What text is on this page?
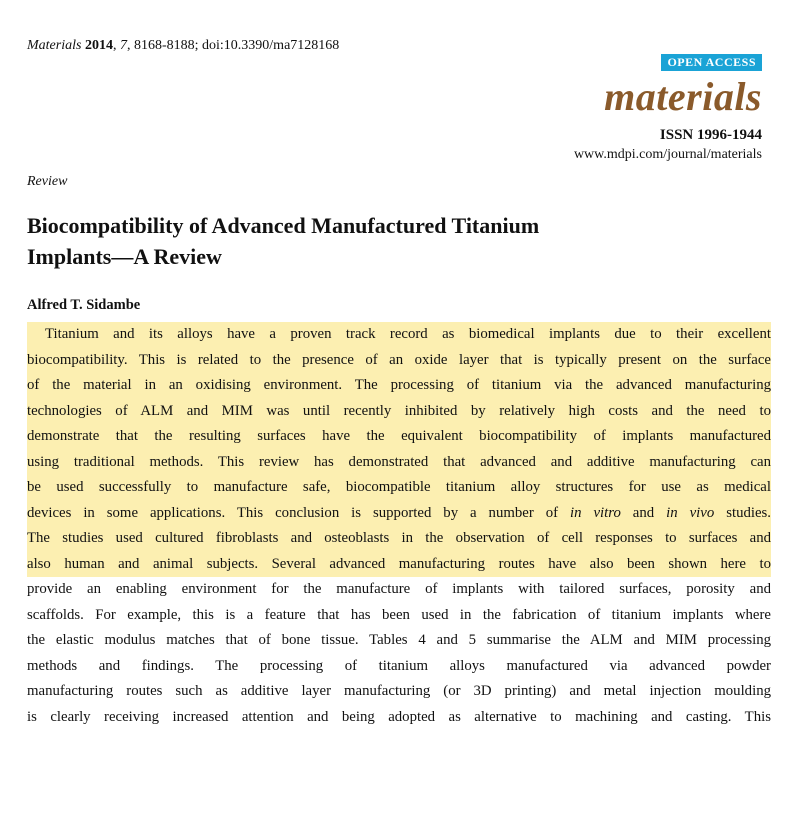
Materials 2014, 7, 8168-8188; doi:10.3390/ma7128168
OPEN ACCESS
materials
ISSN 1996-1944
www.mdpi.com/journal/materials
Review
Biocompatibility of Advanced Manufactured Titanium
Implants—A Review
Alfred T. Sidambe
Titanium and its alloys have a proven track record as biomedical implants due to their excellent
biocompatibility. This is related to the presence of an oxide layer that is typically present on the surface
of the material in an oxidising environment. The processing of titanium via the advanced manufacturing
technologies of ALM and MIM was until recently inhibited by relatively high costs and the need to
demonstrate that the resulting surfaces have the equivalent biocompatibility of implants manufactured
using traditional methods. This review has demonstrated that advanced and additive manufacturing can
be used successfully to manufacture safe, biocompatible titanium alloy structures for use as medical
devices in some applications. This conclusion is supported by a number of in vitro and in vivo studies.
The studies used cultured fibroblasts and osteoblasts in the observation of cell responses to surfaces and
also human and animal subjects. Several advanced manufacturing routes have also been shown here to
provide an enabling environment for the manufacture of implants with tailored surfaces, porosity and
scaffolds. For example, this is a feature that has been used in the fabrication of titanium implants where
the elastic modulus matches that of bone tissue. Tables 4 and 5 summarise the ALM and MIM processing
methods and findings. The processing of titanium alloys manufactured via advanced powder
manufacturing routes such as additive layer manufacturing (or 3D printing) and metal injection moulding
is clearly receiving increased attention and being adopted as alternative to machining and casting. This
